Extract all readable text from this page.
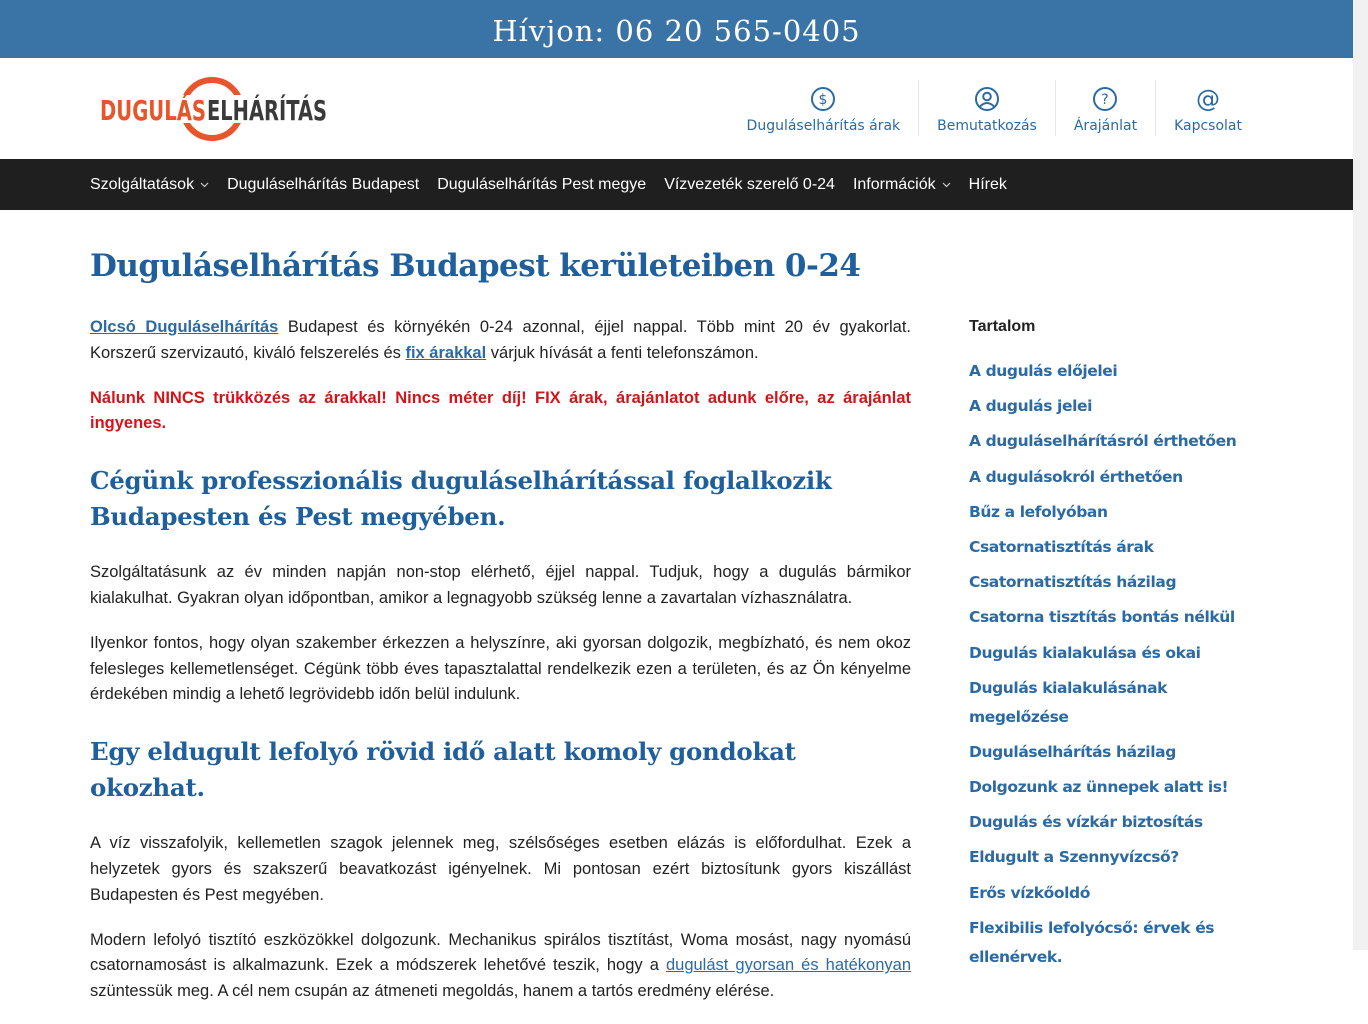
Hívjon: 06 20 565-0405
DUGULÁS
ELHÁRÍTÁS	$
Duguláselhárítás árak	Bemutatkozás
?
Árajánlat
@
Kapcsolat
Szolgáltatások Duguláselhárítás Budapest Duguláselhárítás Pest megye Vízvezeték szerelő 0-24 Információk Hírek
Duguláselhárítás Budapest kerületeiben 0-24

Olcsó Duguláselhárítás Budapest és környékén 0-24 azonnal, éjjel nappal. Több mint 20 év gyakorlat. Korszerű szervizautó, kiváló felszerelés és fix árakkal várjuk hívását a fenti telefonszámon.

Nálunk NINCS trükközés az árakkal! Nincs méter díj! FIX árak, árajánlatot adunk előre, az árajánlat ingyenes.

Cégünk professzionális duguláselhárítással foglalkozik Budapesten és Pest megyében.

Szolgáltatásunk az év minden napján non-stop elérhető, éjjel nappal. Tudjuk, hogy a dugulás bármikor kialakulhat. Gyakran olyan időpontban, amikor a legnagyobb szükség lenne a zavartalan vízhasználatra.

Ilyenkor fontos, hogy olyan szakember érkezzen a helyszínre, aki gyorsan dolgozik, megbízható, és nem okoz felesleges kellemetlenséget. Cégünk több éves tapasztalattal rendelkezik ezen a területen, és az Ön kényelme érdekében mindig a lehető legrövidebb időn belül indulunk.

Egy eldugult lefolyó rövid idő alatt komoly gondokat okozhat.

A víz visszafolyik, kellemetlen szagok jelennek meg, szélsőséges esetben elázás is előfordulhat. Ezek a helyzetek gyors és szakszerű beavatkozást igényelnek. Mi pontosan ezért biztosítunk gyors kiszállást Budapesten és Pest megyében.

Modern lefolyó tisztító eszközökkel dolgozunk. Mechanikus spirálos tisztítást, Woma mosást, nagy nyomású csatornamosást is alkalmazunk. Ezek a módszerek lehetővé teszik, hogy a dugulást gyorsan és hatékonyan szüntessük meg. A cél nem csupán az átmeneti megoldás, hanem a tartós eredmény elérése.

Tartalom
A dugulás előjelei
A dugulás jelei
A duguláselhárításról érthetően
A dugulásokról érthetően
Bűz a lefolyóban
Csatornatisztítás árak
Csatornatisztítás házilag
Csatorna tisztítás bontás nélkül
Dugulás kialakulása és okai
Dugulás kialakulásának megelőzése
Duguláselhárítás házilag
Dolgozunk az ünnepek alatt is!
Dugulás és vízkár biztosítás
Eldugult a Szennyvízcső?
Erős vízkőoldó
Flexibilis lefolyócső: érvek és ellenérvek.
